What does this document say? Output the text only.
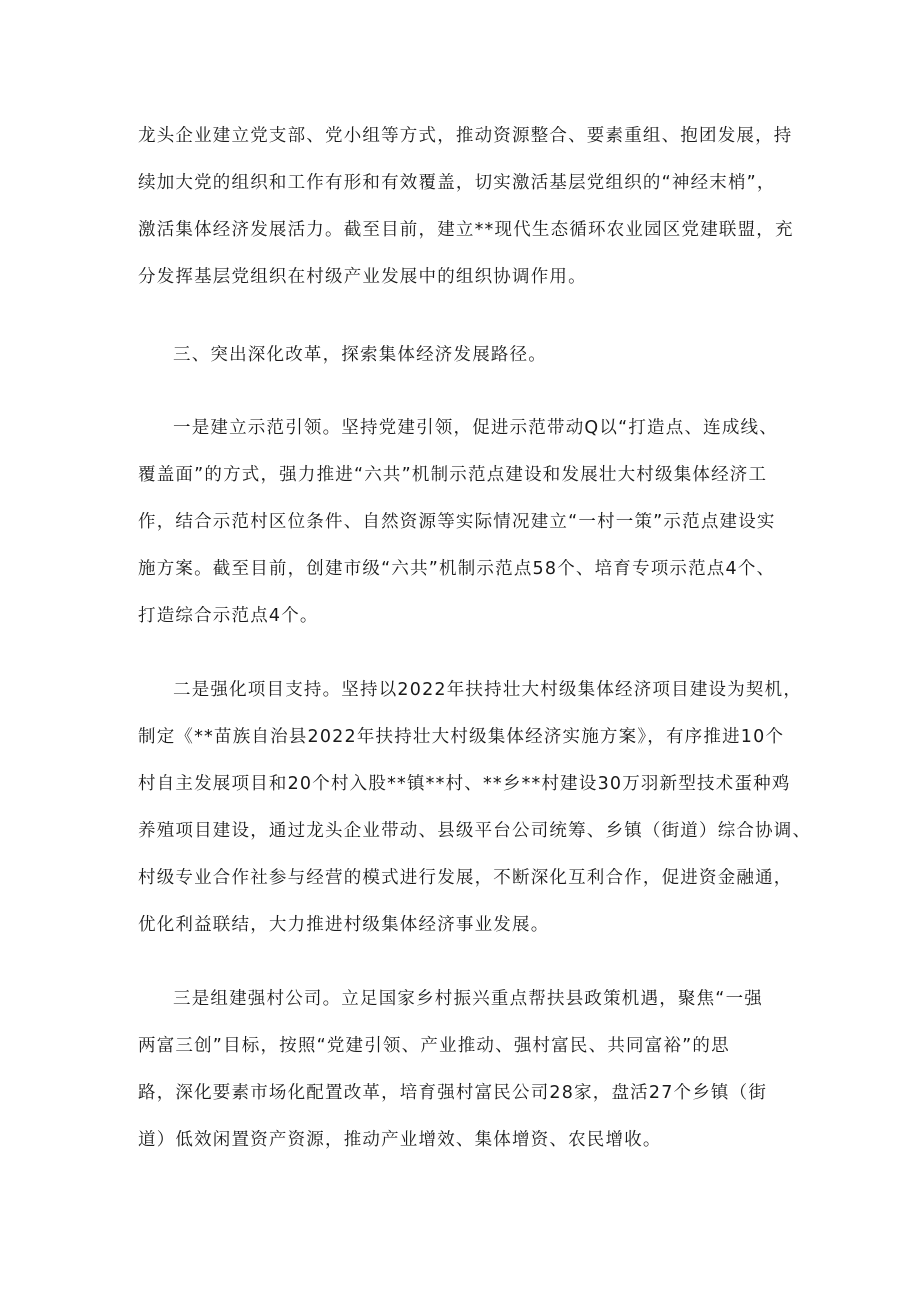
龙头企业建立党支部、党小组等方式，推动资源整合、要素重组、抱团发展，持
续加大党的组织和工作有形和有效覆盖，切实激活基层党组织的“神经末梢”，
激活集体经济发展活力。截至目前，建立**现代生态循环农业园区党建联盟，充
分发挥基层党组织在村级产业发展中的组织协调作用。
三、突出深化改革，探索集体经济发展路径。
一是建立示范引领。坚持党建引领，促进示范带动Q以“打造点、连成线、
覆盖面”的方式，强力推进“六共”机制示范点建设和发展壮大村级集体经济工
作，结合示范村区位条件、自然资源等实际情况建立“一村一策”示范点建设实
施方案。截至目前，创建市级“六共”机制示范点58个、培育专项示范点4个、
打造综合示范点4个。
二是强化项目支持。坚持以2022年扶持壮大村级集体经济项目建设为契机，
制定《**苗族自治县2022年扶持壮大村级集体经济实施方案》，有序推进10个
村自主发展项目和20个村入股**镇**村、**乡**村建设30万羽新型技术蛋种鸡
养殖项目建设，通过龙头企业带动、县级平台公司统筹、乡镇（街道）综合协调、
村级专业合作社参与经营的模式进行发展，不断深化互利合作，促进资金融通，
优化利益联结，大力推进村级集体经济事业发展。
三是组建强村公司。立足国家乡村振兴重点帮扶县政策机遇，聚焦“一强
两富三创”目标，按照“党建引领、产业推动、强村富民、共同富裕”的思
路，深化要素市场化配置改革，培育强村富民公司28家，盘活27个乡镇（街
道）低效闲置资产资源，推动产业增效、集体增资、农民增收。
